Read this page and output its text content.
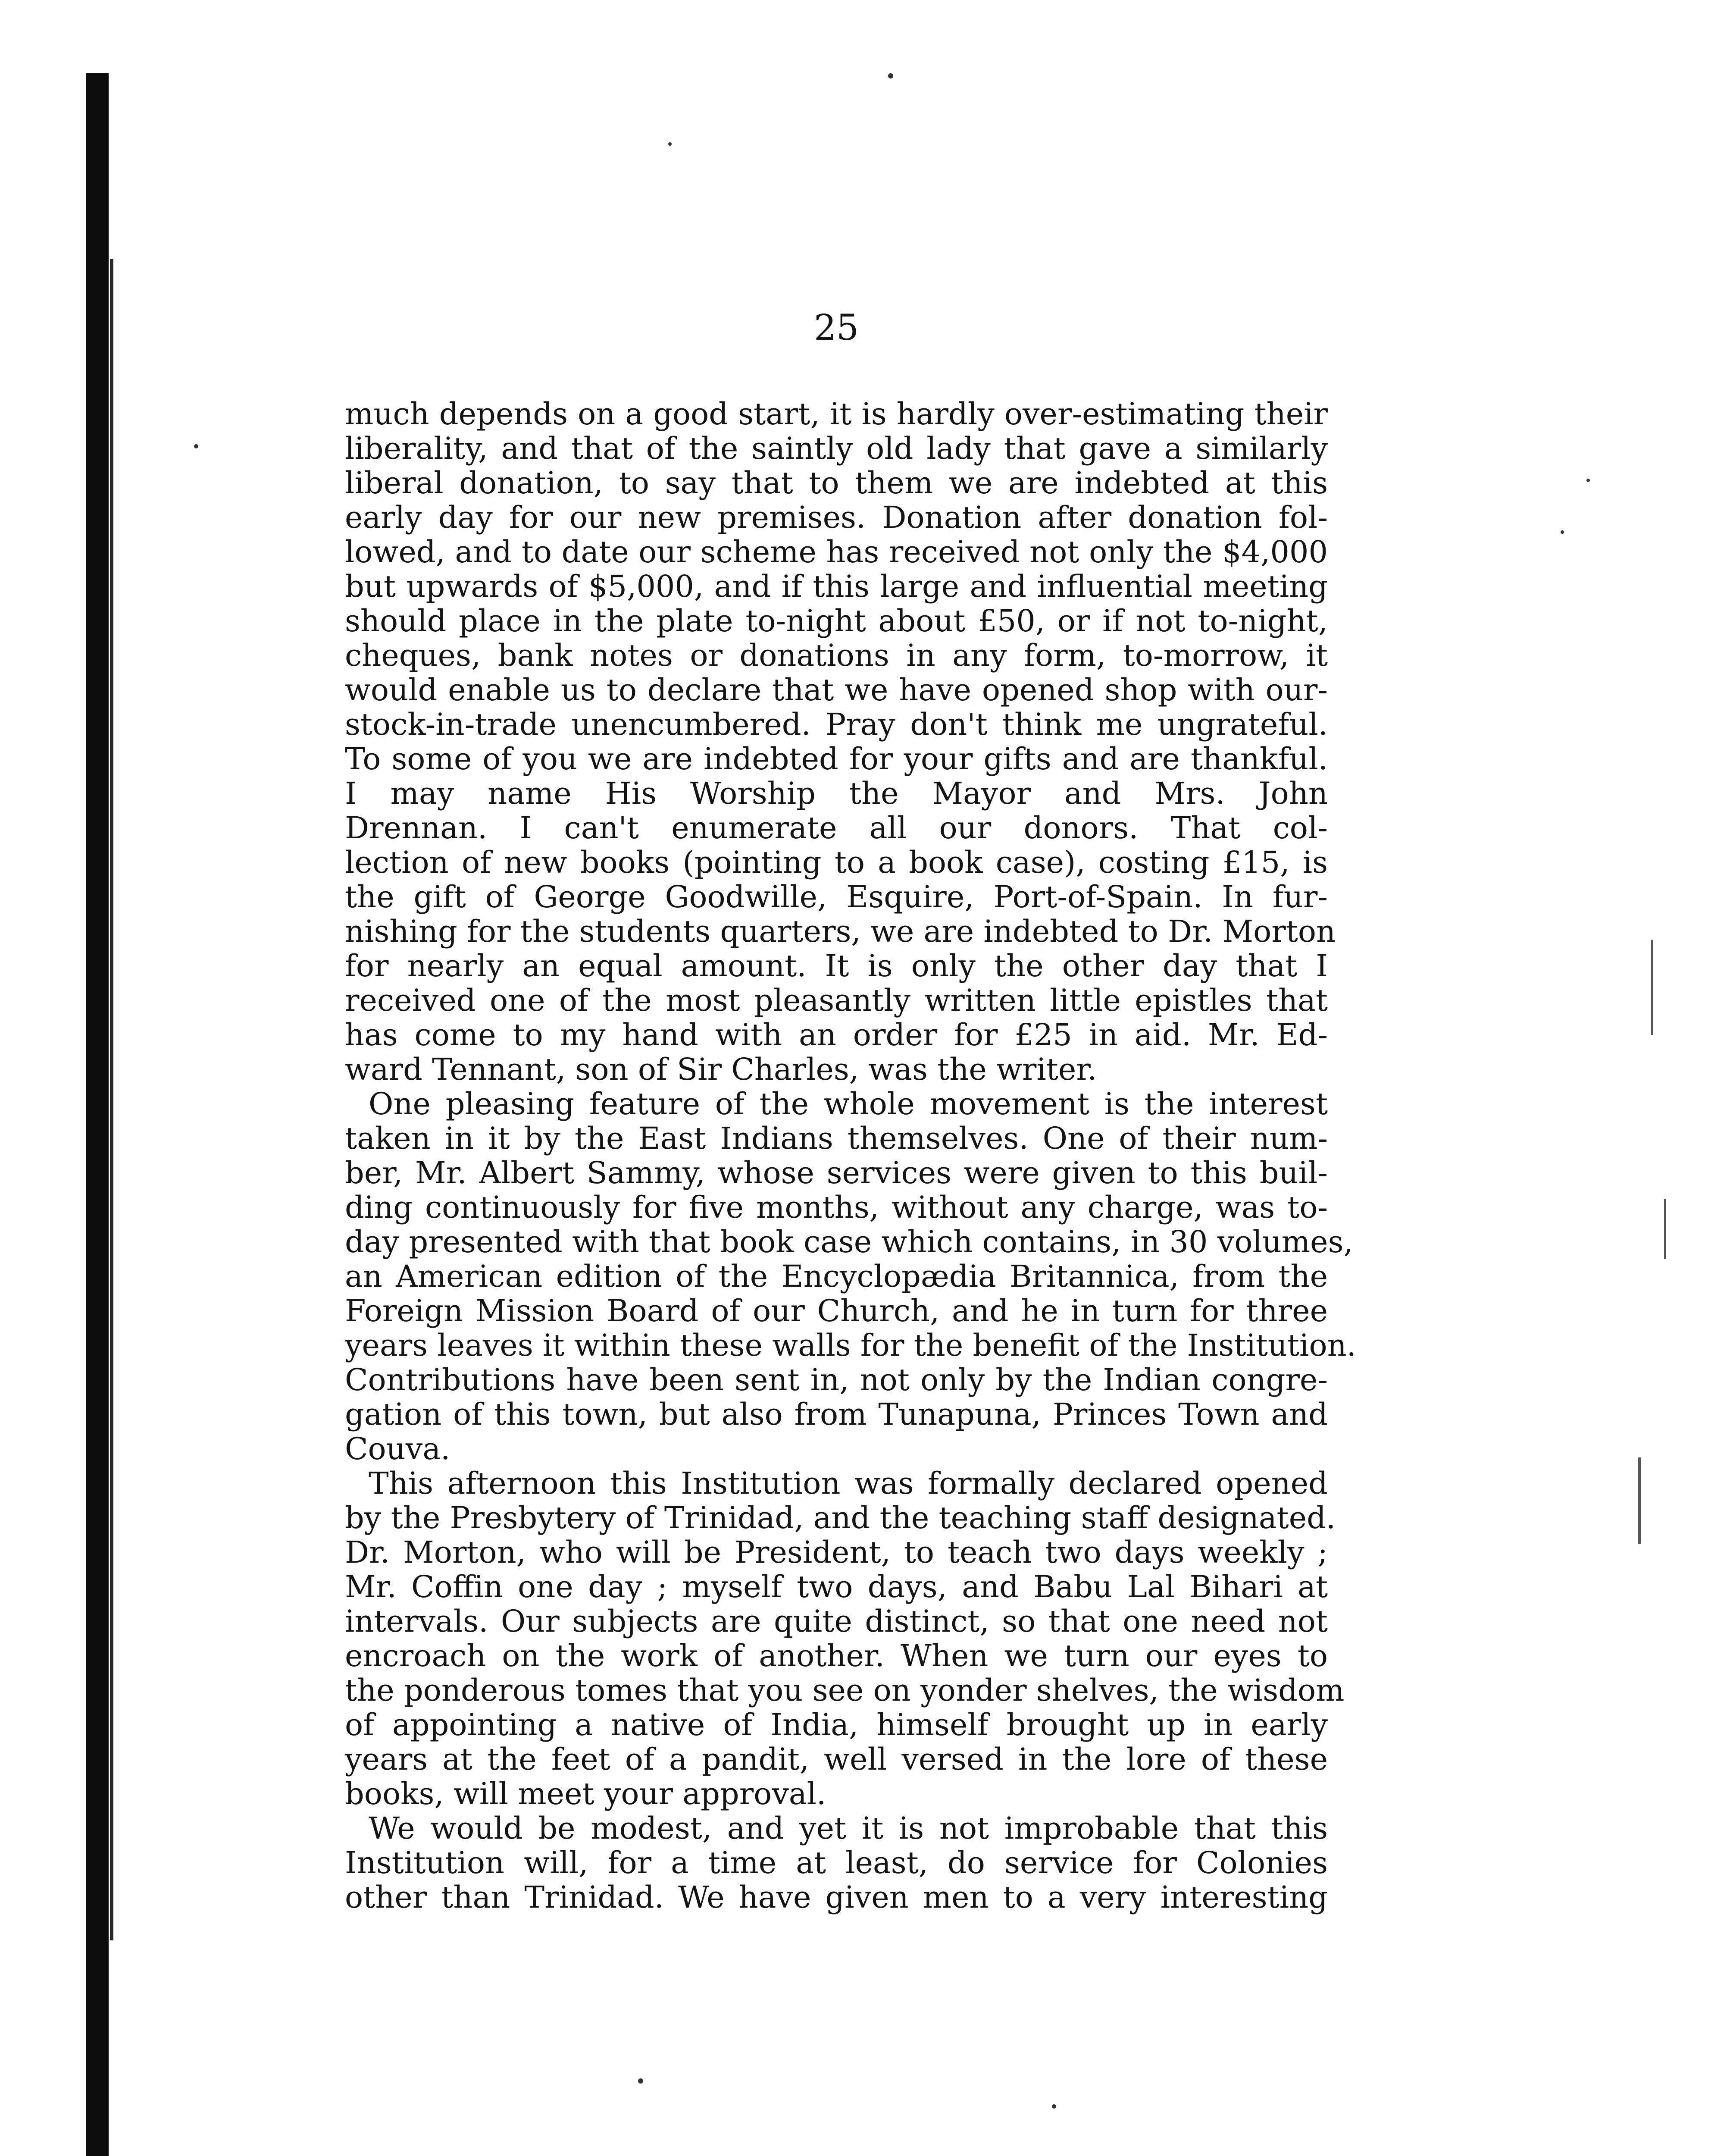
25
much depends on a good start, it is hardly over-estimating their
liberality, and that of the saintly old lady that gave a similarly
liberal donation, to say that to them we are indebted at this
early day for our new premises. Donation after donation fol-
lowed, and to date our scheme has received not only the $4,000
but upwards of $5,000, and if this large and influential meeting
should place in the plate to-night about £50, or if not to-night,
cheques, bank notes or donations in any form, to-morrow, it
would enable us to declare that we have opened shop with our-
stock-in-trade unencumbered. Pray don't think me ungrateful.
To some of you we are indebted for your gifts and are thankful.
I may name His Worship the Mayor and Mrs. John
Drennan. I can't enumerate all our donors. That col-
lection of new books (pointing to a book case), costing £15, is
the gift of George Goodwille, Esquire, Port-of-Spain. In fur-
nishing for the students quarters, we are indebted to Dr. Morton
for nearly an equal amount. It is only the other day that I
received one of the most pleasantly written little epistles that
has come to my hand with an order for £25 in aid. Mr. Ed-
ward Tennant, son of Sir Charles, was the writer.
One pleasing feature of the whole movement is the interest
taken in it by the East Indians themselves. One of their num-
ber, Mr. Albert Sammy, whose services were given to this buil-
ding continuously for five months, without any charge, was to-
day presented with that book case which contains, in 30 volumes,
an American edition of the Encyclopædia Britannica, from the
Foreign Mission Board of our Church, and he in turn for three
years leaves it within these walls for the benefit of the Institution.
Contributions have been sent in, not only by the Indian congre-
gation of this town, but also from Tunapuna, Princes Town and
Couva.
This afternoon this Institution was formally declared opened
by the Presbytery of Trinidad, and the teaching staff designated.
Dr. Morton, who will be President, to teach two days weekly ;
Mr. Coffin one day ; myself two days, and Babu Lal Bihari at
intervals. Our subjects are quite distinct, so that one need not
encroach on the work of another. When we turn our eyes to
the ponderous tomes that you see on yonder shelves, the wisdom
of appointing a native of India, himself brought up in early
years at the feet of a pandit, well versed in the lore of these
books, will meet your approval.
We would be modest, and yet it is not improbable that this
Institution will, for a time at least, do service for Colonies
other than Trinidad. We have given men to a very interesting
